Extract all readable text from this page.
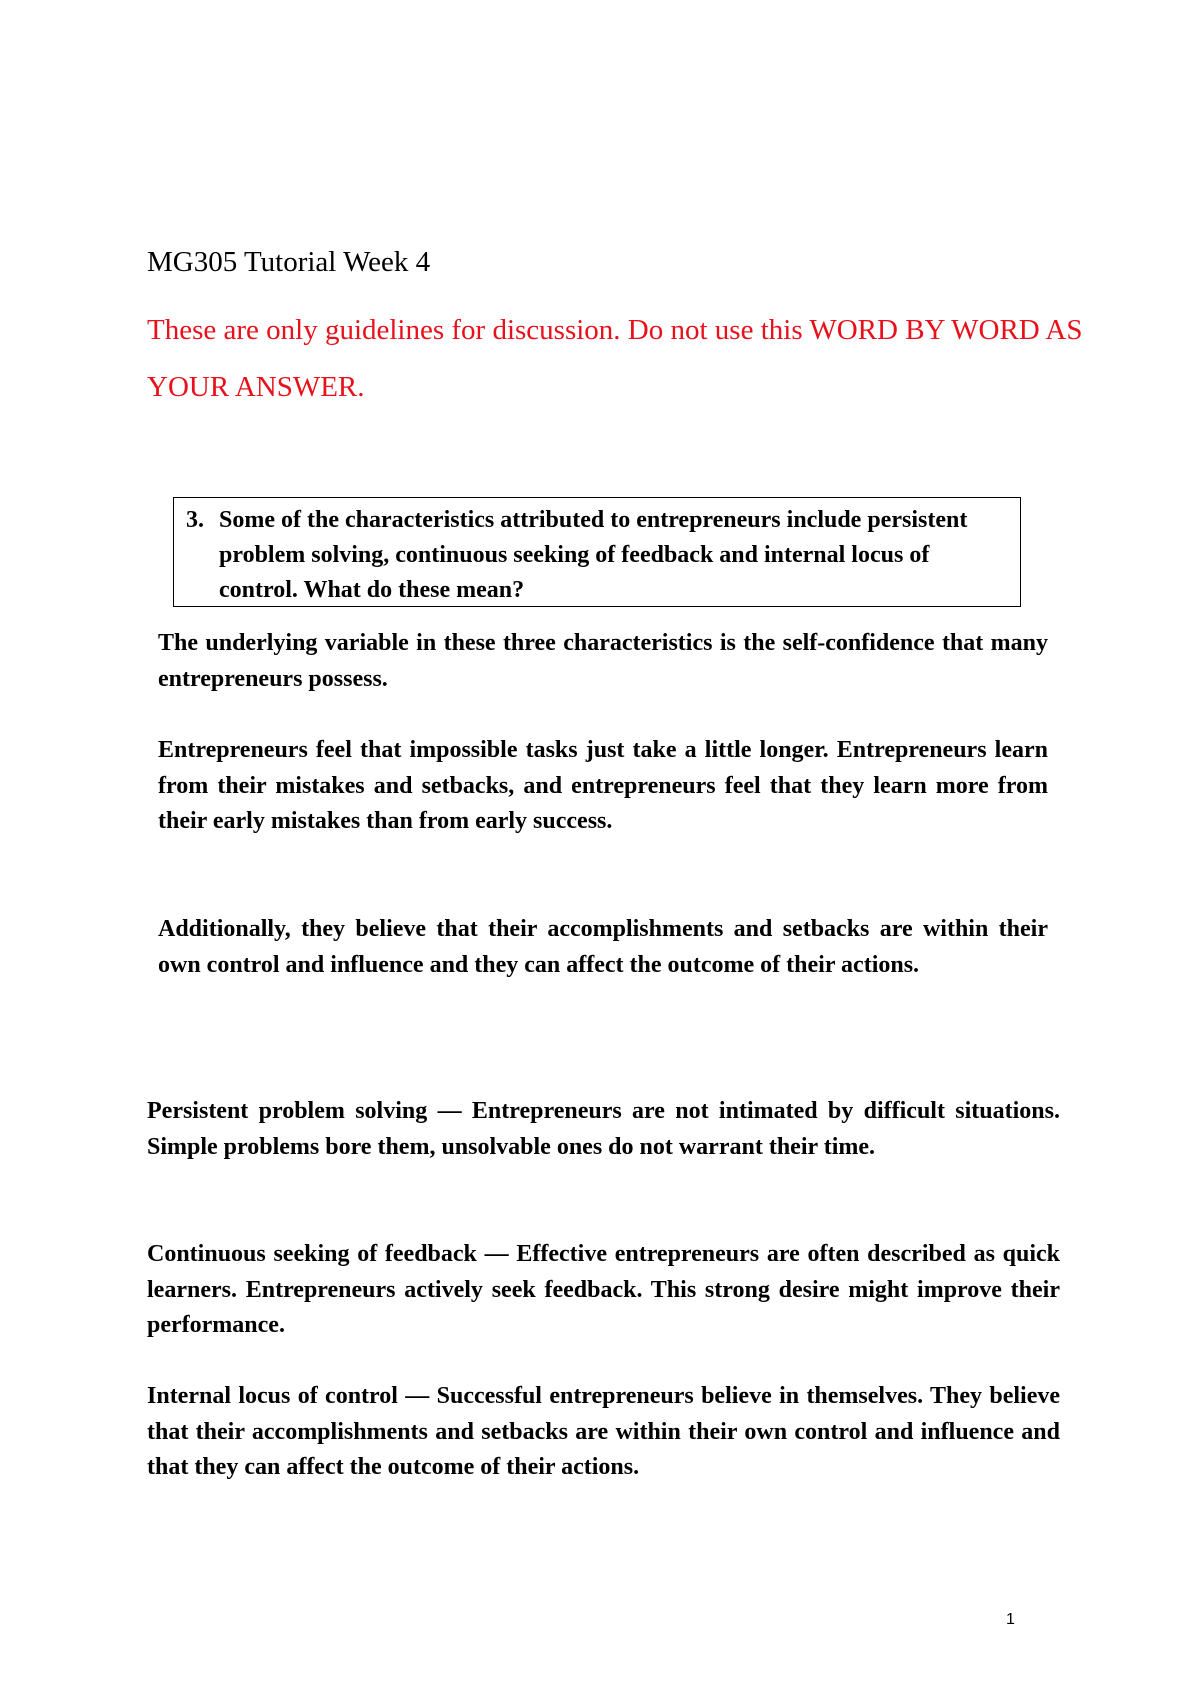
MG305 Tutorial Week 4

These are only guidelines for discussion. Do not use this WORD BY WORD AS YOUR ANSWER.

3. Some of the characteristics attributed to entrepreneurs include persistent problem solving, continuous seeking of feedback and internal locus of control. What do these mean?

The underlying variable in these three characteristics is the self-confidence that many entrepreneurs possess.

Entrepreneurs feel that impossible tasks just take a little longer. Entrepreneurs learn from their mistakes and setbacks, and entrepreneurs feel that they learn more from their early mistakes than from early success.

Additionally, they believe that their accomplishments and setbacks are within their own control and influence and they can affect the outcome of their actions.

Persistent problem solving — Entrepreneurs are not intimated by difficult situations. Simple problems bore them, unsolvable ones do not warrant their time.

Continuous seeking of feedback — Effective entrepreneurs are often described as quick learners. Entrepreneurs actively seek feedback. This strong desire might improve their performance.

Internal locus of control — Successful entrepreneurs believe in themselves. They believe that their accomplishments and setbacks are within their own control and influence and that they can affect the outcome of their actions.

1
